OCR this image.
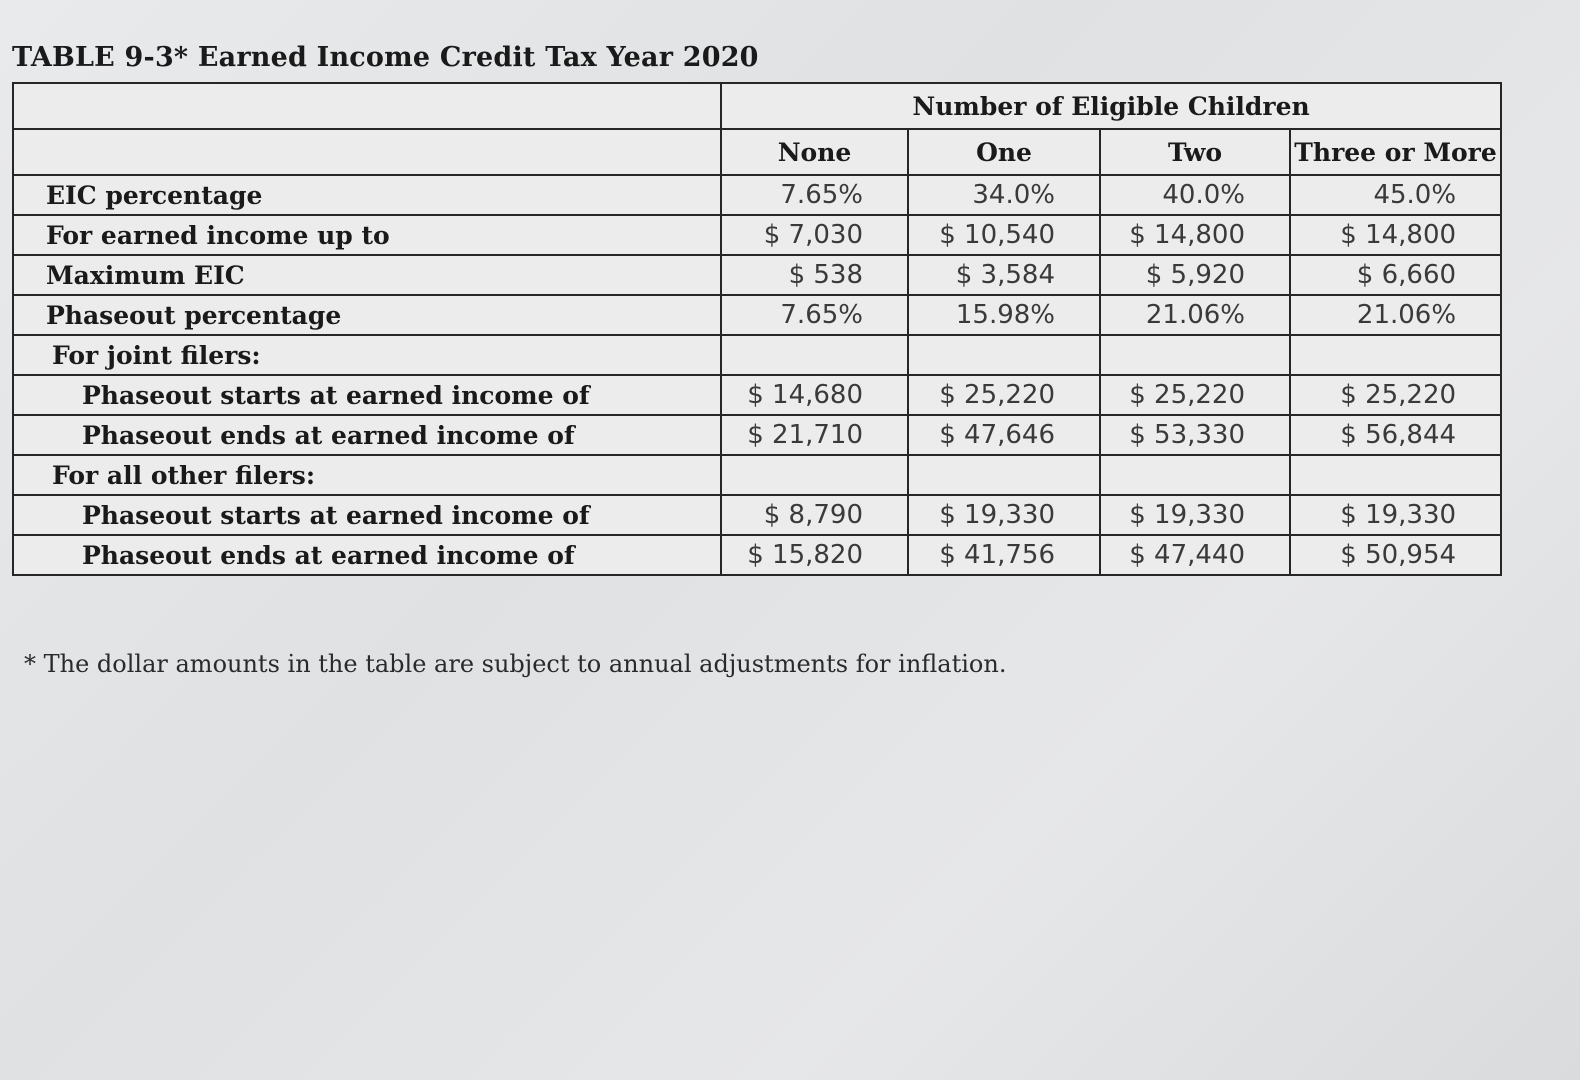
TABLE 9-3* Earned Income Credit Tax Year 2020
	Number of Eligible Children			
	None	One	Two	Three or More
EIC percentage	7.65%	34.0%	40.0%	45.0%
For earned income up to	$ 7,030	$ 10,540	$ 14,800	$ 14,800
Maximum EIC	$ 538	$ 3,584	$ 5,920	$ 6,660
Phaseout percentage	7.65%	15.98%	21.06%	21.06%
For joint filers:				
Phaseout starts at earned income of	$ 14,680	$ 25,220	$ 25,220	$ 25,220
Phaseout ends at earned income of	$ 21,710	$ 47,646	$ 53,330	$ 56,844
For all other filers:				
Phaseout starts at earned income of	$ 8,790	$ 19,330	$ 19,330	$ 19,330
Phaseout ends at earned income of	$ 15,820	$ 41,756	$ 47,440	$ 50,954
* The dollar amounts in the table are subject to annual adjustments for inflation.
